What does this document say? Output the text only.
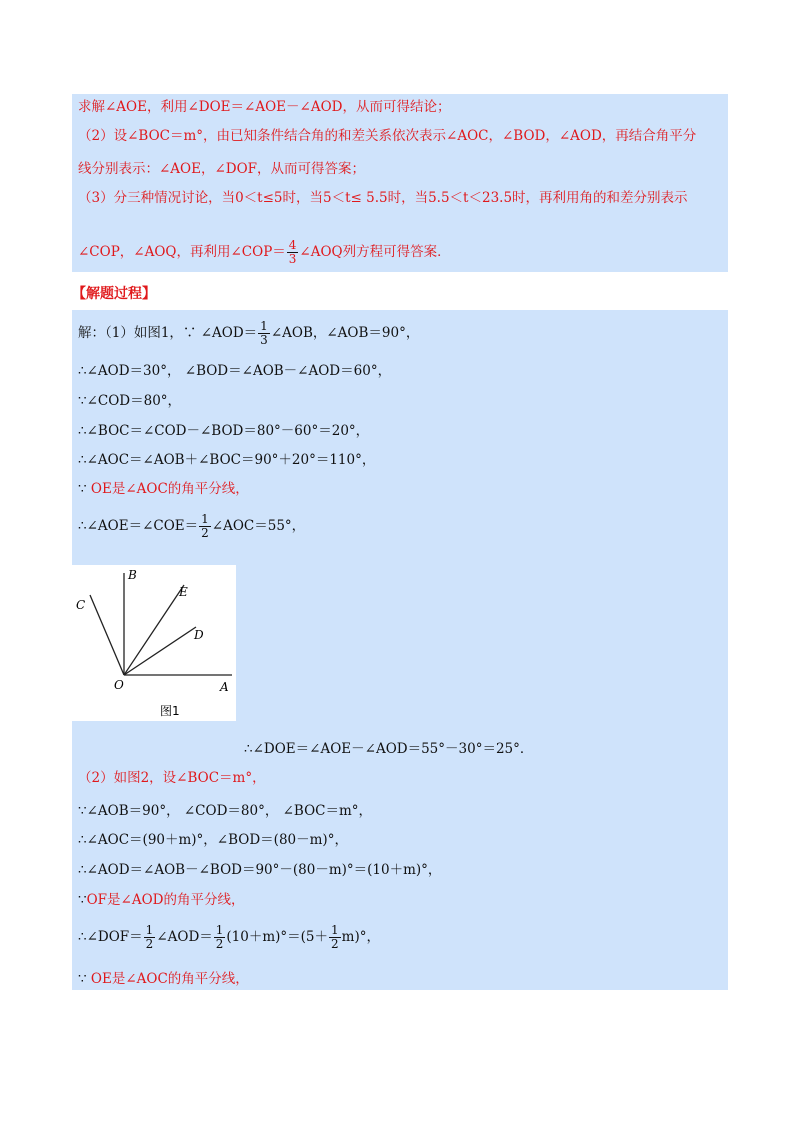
求解∠AOE，利用∠DOE＝∠AOE－∠AOD，从而可得结论；
（2）设∠BOC＝m°，由已知条件结合角的和差关系依次表示∠AOC，∠BOD，∠AOD，再结合角平分
线分别表示：∠AOE，∠DOF，从而可得答案；
（3）分三种情况讨论，当0＜t≤5时，当5＜t≤ 5.5时，当5.5＜t＜23.5时，再利用角的和差分别表示
∠COP，∠AOQ，再利用∠COP＝ $\frac{4}{3}$ ∠AOQ列方程可得答案．
【解题过程】
解：（1）如图1，∵ ∠AOD＝ $\frac{1}{3}$ ∠AOB，∠AOB＝90°，
∴∠AOD＝30°， ∠BOD＝∠AOB－∠AOD＝60°，
∵∠COD＝80°，
∴∠BOC＝∠COD－∠BOD＝80°－60°＝20°，
∴∠AOC＝∠AOB＋∠BOC＝90°＋20°＝110°，
∵ OE是∠AOC的角平分线，
∴∠AOE＝∠COE＝ $\frac{1}{2}$ ∠AOC＝55°，
∴∠DOE＝∠AOE－∠AOD＝55°－30°＝25°．
（2）如图2，设∠BOC＝m°，
∵∠AOB＝90°， ∠COD＝80°， ∠BOC＝m°，
∴∠AOC＝(90＋m)°，∠BOD＝(80－m)°，
∴∠AOD＝∠AOB－∠BOD＝90°－(80－m)°＝(10＋m)°，
∵OF是∠AOD的角平分线，
∴∠DOF＝ $\frac{1}{2}$ ∠AOD＝ $\frac{1}{2} (10+m)^\circ=(5+ \frac{1}{2} m)^\circ$，
∵ OE是∠AOC的角平分线，
B
E
C
D
O	A
图1
